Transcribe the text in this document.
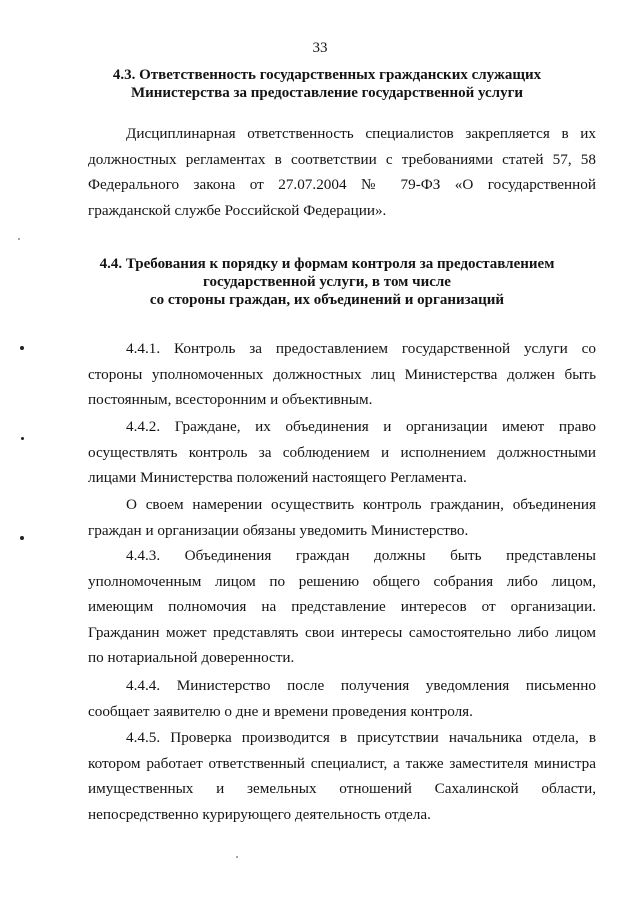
33
4.3. Ответственность государственных гражданских служащих
Министерства за предоставление государственной услуги
Дисциплинарная ответственность специалистов закрепляется в их
должностных регламентах в соответствии с требованиями статей 57, 58
Федерального закона от 27.07.2004 № 79-ФЗ «О государственной
гражданской службе Российской Федерации».
4.4. Требования к порядку и формам контроля за предоставлением
государственной услуги, в том числе
со стороны граждан, их объединений и организаций
4.4.1. Контроль за предоставлением государственной услуги со
стороны уполномоченных должностных лиц Министерства должен быть
постоянным, всесторонним и объективным.
4.4.2. Граждане, их объединения и организации имеют право
осуществлять контроль за соблюдением и исполнением должностными
лицами Министерства положений настоящего Регламента.
О своем намерении осуществить контроль гражданин, объединения
граждан и организации обязаны уведомить Министерство.
4.4.3. Объединения граждан должны быть представлены
уполномоченным лицом по решению общего собрания либо лицом,
имеющим полномочия на представление интересов от организации.
Гражданин может представлять свои интересы самостоятельно либо лицом
по нотариальной доверенности.
4.4.4. Министерство после получения уведомления письменно
сообщает заявителю о дне и времени проведения контроля.
4.4.5. Проверка производится в присутствии начальника отдела, в
котором работает ответственный специалист, а также заместителя министра
имущественных и земельных отношений Сахалинской области,
непосредственно курирующего деятельность отдела.
